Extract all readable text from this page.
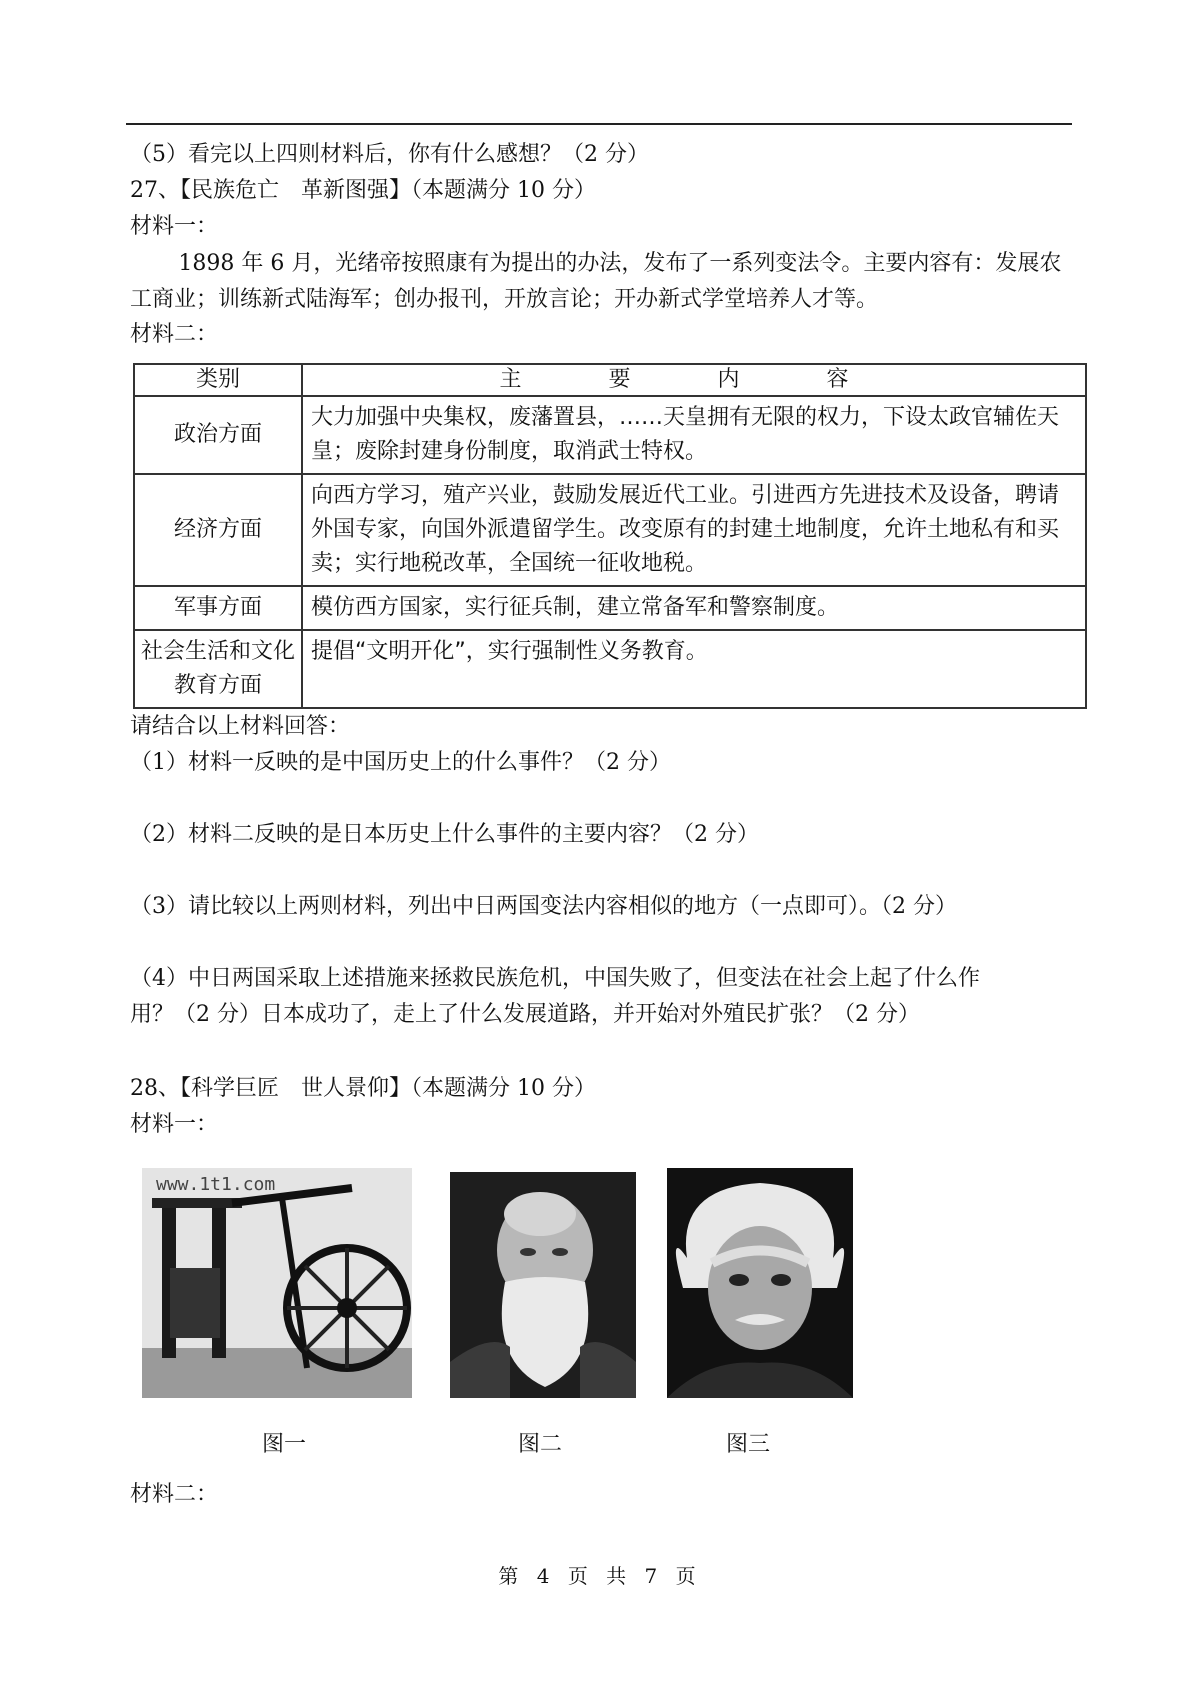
（5）看完以上四则材料后，你有什么感想？（2 分）
27、【民族危亡　革新图强】（本题满分 10 分）
材料一：
1898 年 6 月，光绪帝按照康有为提出的办法，发布了一系列变法令。主要内容有：发展农工商业；训练新式陆海军；创办报刊，开放言论；开办新式学堂培养人才等。
材料二：
类别	主 要 内 容
政治方面	大力加强中央集权，废藩置县，……天皇拥有无限的权力，下设太政官辅佐天皇；废除封建身份制度，取消武士特权。
经济方面	向西方学习，殖产兴业，鼓励发展近代工业。引进西方先进技术及设备，聘请外国专家，向国外派遣留学生。改变原有的封建土地制度，允许土地私有和买卖；实行地税改革，全国统一征收地税。
军事方面	模仿西方国家，实行征兵制，建立常备军和警察制度。
社会生活和文化教育方面	提倡“文明开化”，实行强制性义务教育。
请结合以上材料回答：
（1）材料一反映的是中国历史上的什么事件？（2 分）
（2）材料二反映的是日本历史上什么事件的主要内容？（2 分）
（3）请比较以上两则材料，列出中日两国变法内容相似的地方（一点即可）。（2 分）
（4）中日两国采取上述措施来拯救民族危机，中国失败了，但变法在社会上起了什么作
用？（2 分）日本成功了，走上了什么发展道路，并开始对外殖民扩张？（2 分）
28、【科学巨匠　世人景仰】（本题满分 10 分）
材料一：
www.1t1.com
图一	图二	图三
材料二：
第 4 页 共 7 页
